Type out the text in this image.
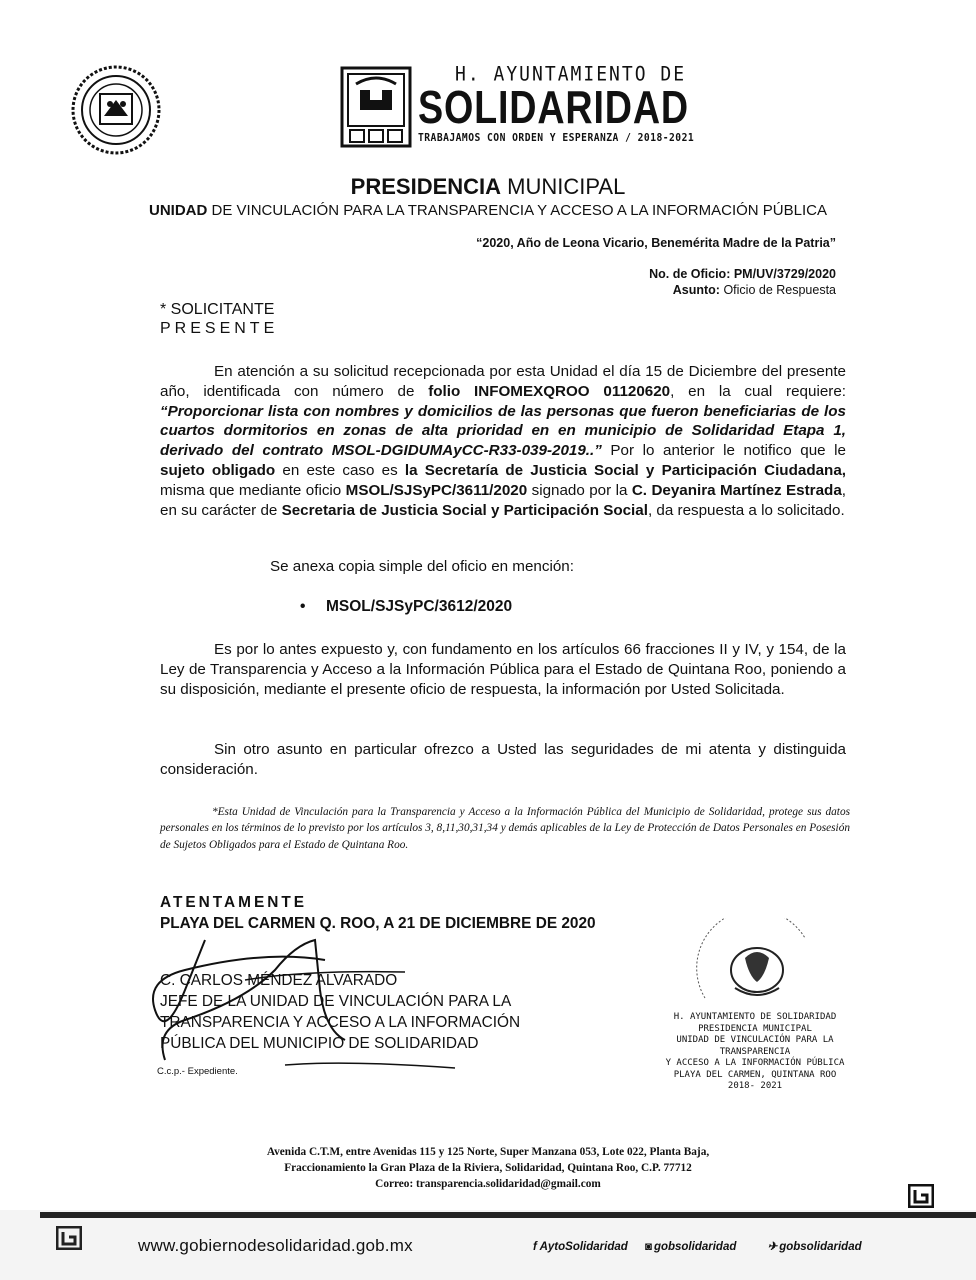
H. AYUNTAMIENTO DE
SOLIDARIDAD
TRABAJAMOS CON ORDEN Y ESPERANZA / 2018-2021
PRESIDENCIA MUNICIPAL
UNIDAD DE VINCULACIÓN PARA LA TRANSPARENCIA Y ACCESO A LA INFORMACIÓN PÚBLICA
“2020, Año de Leona Vicario, Benemérita Madre de la Patria”
No. de Oficio: PM/UV/3729/2020
Asunto: Oficio de Respuesta
* SOLICITANTE
PRESENTE
En atención a su solicitud recepcionada por esta Unidad el día 15 de Diciembre del presente año, identificada con número de folio INFOMEXQROO 01120620, en la cual requiere: “Proporcionar lista con nombres y domicilios de las personas que fueron beneficiarias de los cuartos dormitorios en zonas de alta prioridad en en municipio de Solidaridad Etapa 1, derivado del contrato MSOL-DGIDUMAyCC-R33-039-2019..” Por lo anterior le notifico que le sujeto obligado en este caso es la Secretaría de Justicia Social y Participación Ciudadana, misma que mediante oficio MSOL/SJSyPC/3611/2020 signado por la C. Deyanira Martínez Estrada, en su carácter de Secretaria de Justicia Social y Participación Social, da respuesta a lo solicitado.
Se anexa copia simple del oficio en mención:
• MSOL/SJSyPC/3612/2020
Es por lo antes expuesto y, con fundamento en los artículos 66 fracciones II y IV, y 154, de la Ley de Transparencia y Acceso a la Información Pública para el Estado de Quintana Roo, poniendo a su disposición, mediante el presente oficio de respuesta, la información por Usted Solicitada.
Sin otro asunto en particular ofrezco a Usted las seguridades de mi atenta y distinguida consideración.
*Esta Unidad de Vinculación para la Transparencia y Acceso a la Información Pública del Municipio de Solidaridad, protege sus datos personales en los términos de lo previsto por los artículos 3, 8,11,30,31,34 y demás aplicables de la Ley de Protección de Datos Personales en Posesión de Sujetos Obligados para el Estado de Quintana Roo.
ATENTAMENTE
PLAYA DEL CARMEN Q. ROO, A 21 DE DICIEMBRE DE 2020
C. CARLOS MÉNDEZ ALVARADO
JEFE DE LA UNIDAD DE VINCULACIÓN PARA LA
TRANSPARENCIA Y ACCESO A LA INFORMACIÓN
PÚBLICA DEL MUNICIPIO DE SOLIDARIDAD
C.c.p.- Expediente.
H. AYUNTAMIENTO DE SOLIDARIDAD
PRESIDENCIA MUNICIPAL
UNIDAD DE VINCULACIÓN PARA LA TRANSPARENCIA
Y ACCESO A LA INFORMACIÓN PÚBLICA
PLAYA DEL CARMEN, QUINTANA ROO
2018- 2021
Avenida C.T.M, entre Avenidas 115 y 125 Norte, Super Manzana 053, Lote 022, Planta Baja,
Fraccionamiento la Gran Plaza de la Riviera, Solidaridad, Quintana Roo, C.P. 77712
Correo: transparencia.solidaridad@gmail.com
www.gobiernodesolidaridad.gob.mx	f AytoSolidaridad ◙ gobsolidaridad	✈ gobsolidaridad
